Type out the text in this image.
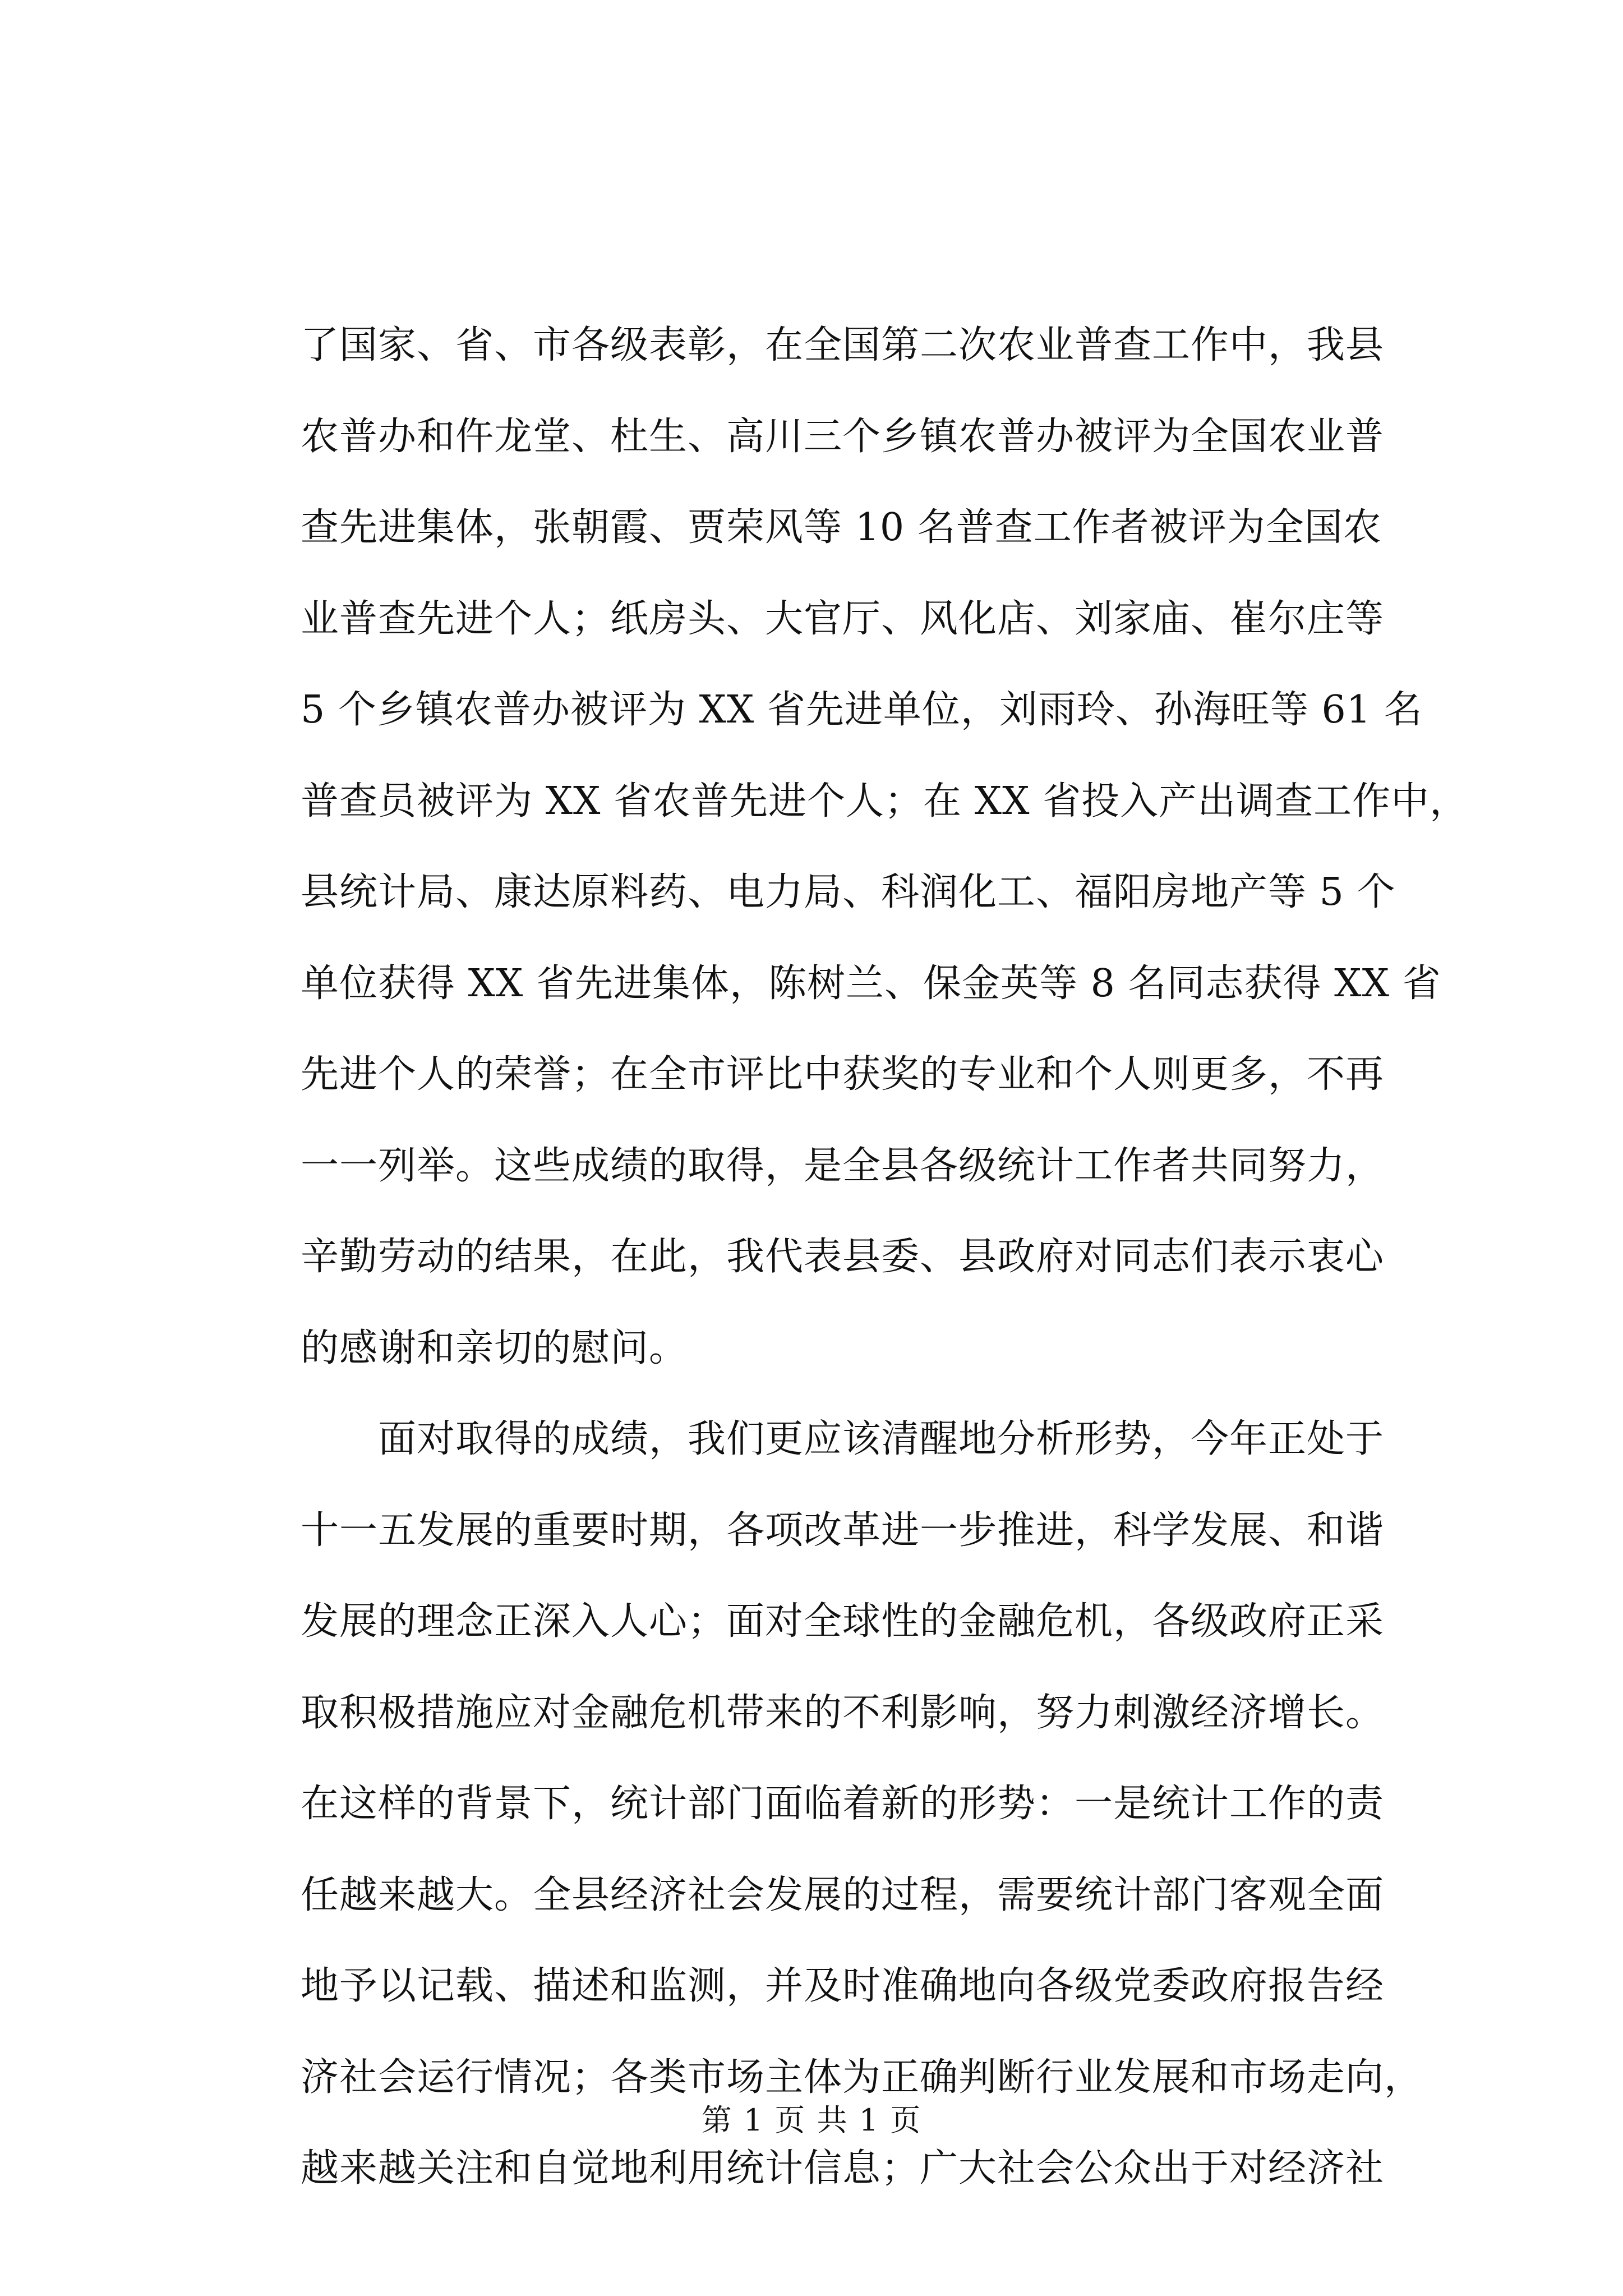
了国家、省、市各级表彰，在全国第二次农业普查工作中，我县
农普办和仵龙堂、杜生、高川三个乡镇农普办被评为全国农业普
查先进集体，张朝霞、贾荣风等 10 名普查工作者被评为全国农
业普查先进个人；纸房头、大官厅、风化店、刘家庙、崔尔庄等
5 个乡镇农普办被评为 XX 省先进单位，刘雨玲、孙海旺等 61 名
普查员被评为 XX 省农普先进个人；在 XX 省投入产出调查工作中，
县统计局、康达原料药、电力局、科润化工、福阳房地产等 5 个
单位获得 XX 省先进集体，陈树兰、保金英等 8 名同志获得 XX 省
先进个人的荣誉；在全市评比中获奖的专业和个人则更多，不再
一一列举。这些成绩的取得，是全县各级统计工作者共同努力，
辛勤劳动的结果，在此，我代表县委、县政府对同志们表示衷心
的感谢和亲切的慰问。
　　面对取得的成绩，我们更应该清醒地分析形势，今年正处于
十一五发展的重要时期，各项改革进一步推进，科学发展、和谐
发展的理念正深入人心；面对全球性的金融危机，各级政府正采
取积极措施应对金融危机带来的不利影响，努力刺激经济增长。
在这样的背景下，统计部门面临着新的形势：一是统计工作的责
任越来越大。全县经济社会发展的过程，需要统计部门客观全面
地予以记载、描述和监测，并及时准确地向各级党委政府报告经
济社会运行情况；各类市场主体为正确判断行业发展和市场走向，
越来越关注和自觉地利用统计信息；广大社会公众出于对经济社
第 1 页 共 1 页
